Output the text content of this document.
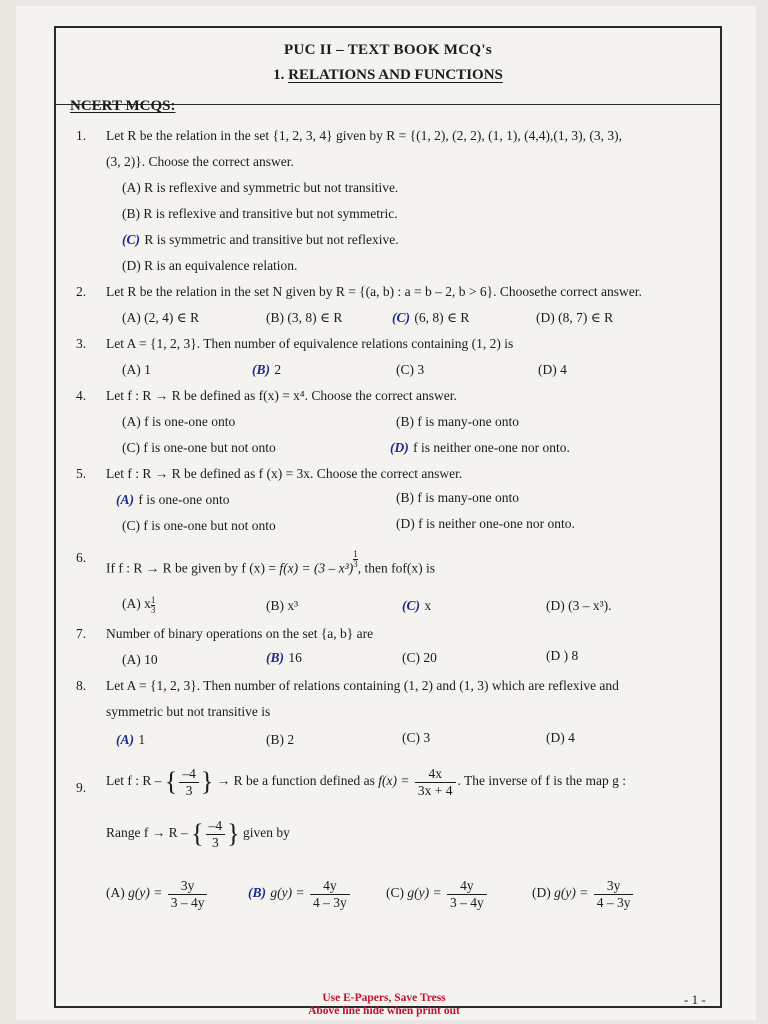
PUC II – TEXT BOOK MCQ's
1. RELATIONS AND FUNCTIONS
NCERT MCQS:
1.	Let R be the relation in the set {1, 2, 3, 4} given by R = {(1, 2), (2, 2), (1, 1), (4,4),(1, 3), (3, 3),
(3, 2)}. Choose the correct answer.
(A) R is reflexive and symmetric but not transitive.
(B) R is reflexive and transitive but not symmetric.
(C) R is symmetric and transitive but not reflexive.
(D) R is an equivalence relation.
2.	Let R be the relation in the set N given by R = {(a, b) : a = b – 2, b > 6}. Choosethe correct answer.
(A) (2, 4) ∈ R	(B) (3, 8) ∈ R	(C) (6, 8) ∈ R	(D) (8, 7) ∈ R
3.	Let A = {1, 2, 3}. Then number of equivalence relations containing (1, 2) is
(A) 1	(B) 2	(C) 3	(D) 4
4.	Let f : R → R be defined as f(x) = x⁴. Choose the correct answer.
(A) f is one-one onto	(B) f is many-one onto
(C) f is one-one but not onto	(D) f is neither one-one nor onto.
5.	Let f : R → R be defined as f (x) = 3x. Choose the correct answer.
(A) f is one-one onto	(B) f is many-one onto
(C) f is one-one but not onto	(D) f is neither one-one nor onto.
6.
If f : R → R be given by f (x) = f(x) = (3 – x³) $^{\frac{1}{3}}$ , then fof(x) is
(A) x $^{\frac{1}{3}}$	(B) x³	(C) x	(D) (3 – x³).
7.	Number of binary operations on the set {a, b} are
(A) 10	(B) 16	(C) 20	(D ) 8
8.	Let A = {1, 2, 3}. Then number of relations containing (1, 2) and (1, 3) which are reflexive and
symmetric but not transitive is
(A) 1	(B) 2	(C) 3	(D) 4
9.	Let f : R – { $\frac{-4}{3}$ } → R be a function defined as $f(x) = \frac{4x}{3x + 4}$ . The inverse of f is the map g :
Range f → R – { $\frac{-4}{3}$ } given by
(A) $g(y) = \frac{3y}{3 - 4y}$	(B) $g(y) = \frac{4y}{4 - 3y}$	(C) $g(y) = \frac{4y}{3 - 4y}$	(D) $g(y) = \frac{3y}{4 - 3y}$
Use E-Papers, Save Tress
Above line hide when print out
- 1 -
